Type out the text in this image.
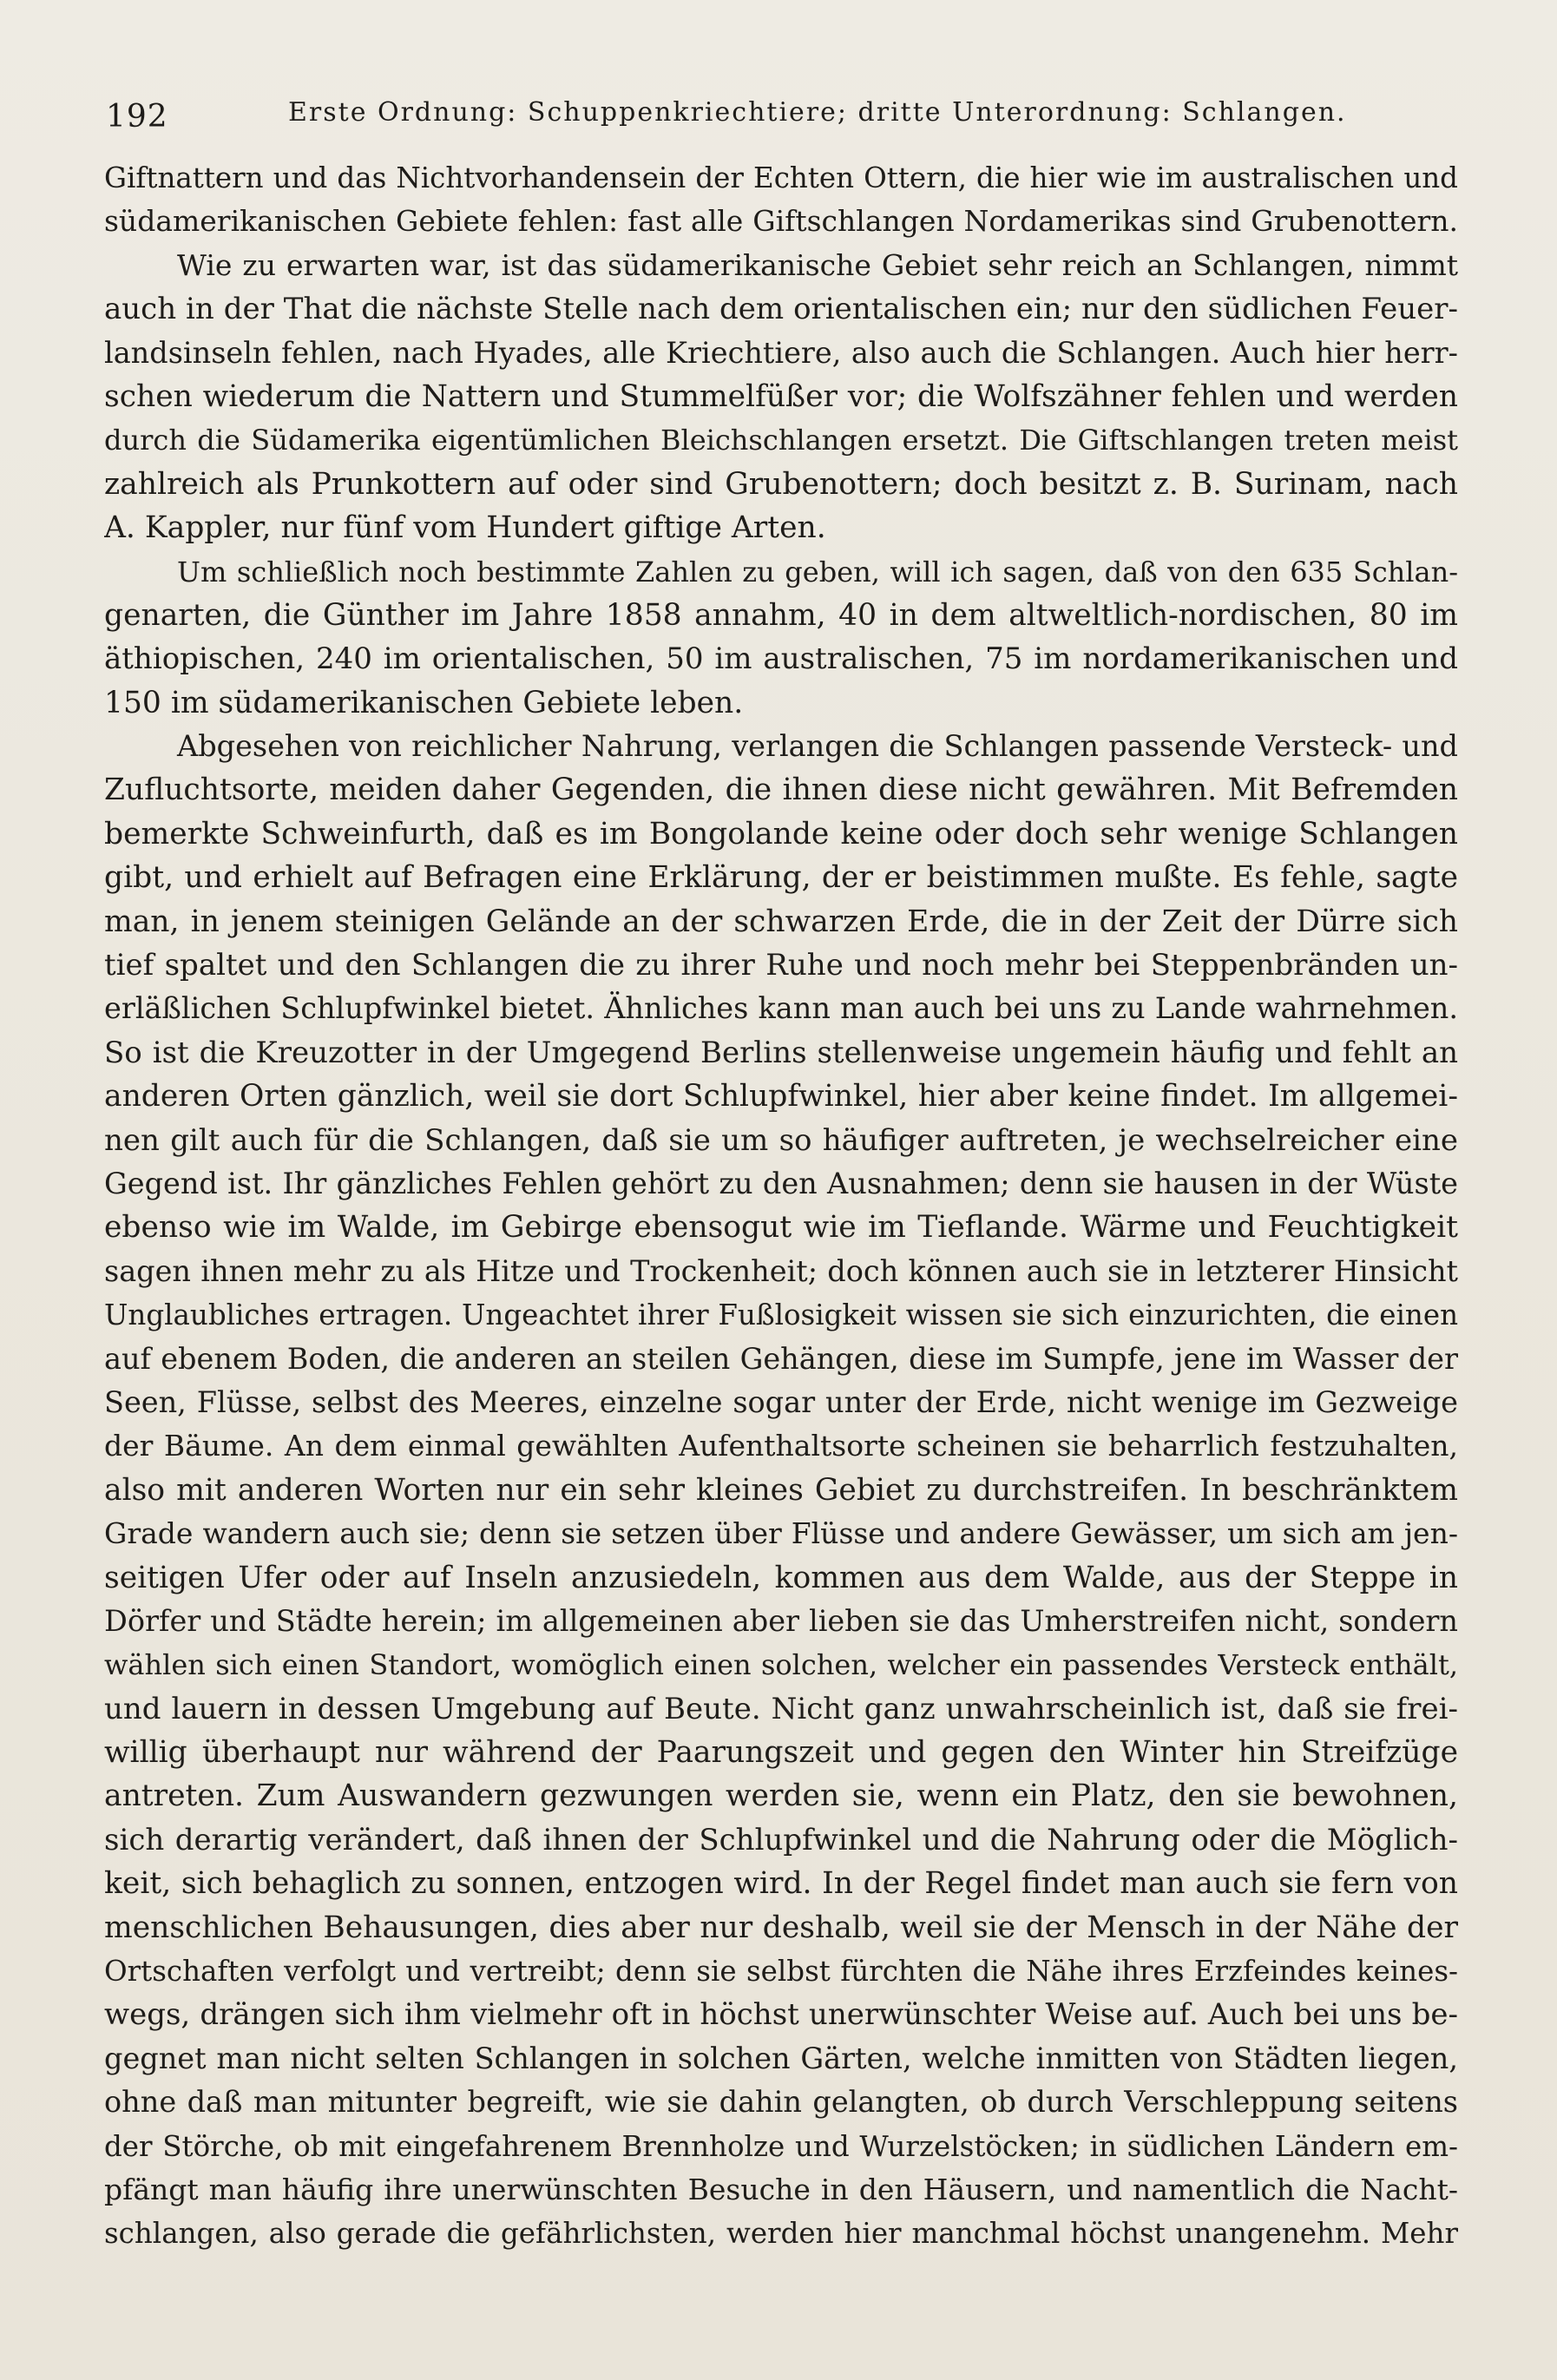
192	Erste Ordnung: Schuppenkriechtiere; dritte Unterordnung: Schlangen.
Giftnattern und das Nichtvorhandensein der Echten Ottern, die hier wie im australischen und
südamerikanischen Gebiete fehlen: fast alle Giftschlangen Nordamerikas sind Grubenottern.
Wie zu erwarten war, ist das südamerikanische Gebiet sehr reich an Schlangen, nimmt
auch in der That die nächste Stelle nach dem orientalischen ein; nur den südlichen Feuer-
landsinseln fehlen, nach Hyades, alle Kriechtiere, also auch die Schlangen. Auch hier herr-
schen wiederum die Nattern und Stummelfüßer vor; die Wolfszähner fehlen und werden
durch die Südamerika eigentümlichen Bleichschlangen ersetzt. Die Giftschlangen treten meist
zahlreich als Prunkottern auf oder sind Grubenottern; doch besitzt z. B. Surinam, nach
A. Kappler, nur fünf vom Hundert giftige Arten.
Um schließlich noch bestimmte Zahlen zu geben, will ich sagen, daß von den 635 Schlan-
genarten, die Günther im Jahre 1858 annahm, 40 in dem altweltlich-nordischen, 80 im
äthiopischen, 240 im orientalischen, 50 im australischen, 75 im nordamerikanischen und
150 im südamerikanischen Gebiete leben.
Abgesehen von reichlicher Nahrung, verlangen die Schlangen passende Versteck- und
Zufluchtsorte, meiden daher Gegenden, die ihnen diese nicht gewähren. Mit Befremden
bemerkte Schweinfurth, daß es im Bongolande keine oder doch sehr wenige Schlangen
gibt, und erhielt auf Befragen eine Erklärung, der er beistimmen mußte. Es fehle, sagte
man, in jenem steinigen Gelände an der schwarzen Erde, die in der Zeit der Dürre sich
tief spaltet und den Schlangen die zu ihrer Ruhe und noch mehr bei Steppenbränden un-
erläßlichen Schlupfwinkel bietet. Ähnliches kann man auch bei uns zu Lande wahrnehmen.
So ist die Kreuzotter in der Umgegend Berlins stellenweise ungemein häufig und fehlt an
anderen Orten gänzlich, weil sie dort Schlupfwinkel, hier aber keine findet. Im allgemei-
nen gilt auch für die Schlangen, daß sie um so häufiger auftreten, je wechselreicher eine
Gegend ist. Ihr gänzliches Fehlen gehört zu den Ausnahmen; denn sie hausen in der Wüste
ebenso wie im Walde, im Gebirge ebensogut wie im Tieflande. Wärme und Feuchtigkeit
sagen ihnen mehr zu als Hitze und Trockenheit; doch können auch sie in letzterer Hinsicht
Unglaubliches ertragen. Ungeachtet ihrer Fußlosigkeit wissen sie sich einzurichten, die einen
auf ebenem Boden, die anderen an steilen Gehängen, diese im Sumpfe, jene im Wasser der
Seen, Flüsse, selbst des Meeres, einzelne sogar unter der Erde, nicht wenige im Gezweige
der Bäume. An dem einmal gewählten Aufenthaltsorte scheinen sie beharrlich festzuhalten,
also mit anderen Worten nur ein sehr kleines Gebiet zu durchstreifen. In beschränktem
Grade wandern auch sie; denn sie setzen über Flüsse und andere Gewässer, um sich am jen-
seitigen Ufer oder auf Inseln anzusiedeln, kommen aus dem Walde, aus der Steppe in
Dörfer und Städte herein; im allgemeinen aber lieben sie das Umherstreifen nicht, sondern
wählen sich einen Standort, womöglich einen solchen, welcher ein passendes Versteck enthält,
und lauern in dessen Umgebung auf Beute. Nicht ganz unwahrscheinlich ist, daß sie frei-
willig überhaupt nur während der Paarungszeit und gegen den Winter hin Streifzüge
antreten. Zum Auswandern gezwungen werden sie, wenn ein Platz, den sie bewohnen,
sich derartig verändert, daß ihnen der Schlupfwinkel und die Nahrung oder die Möglich-
keit, sich behaglich zu sonnen, entzogen wird. In der Regel findet man auch sie fern von
menschlichen Behausungen, dies aber nur deshalb, weil sie der Mensch in der Nähe der
Ortschaften verfolgt und vertreibt; denn sie selbst fürchten die Nähe ihres Erzfeindes keines-
wegs, drängen sich ihm vielmehr oft in höchst unerwünschter Weise auf. Auch bei uns be-
gegnet man nicht selten Schlangen in solchen Gärten, welche inmitten von Städten liegen,
ohne daß man mitunter begreift, wie sie dahin gelangten, ob durch Verschleppung seitens
der Störche, ob mit eingefahrenem Brennholze und Wurzelstöcken; in südlichen Ländern em-
pfängt man häufig ihre unerwünschten Besuche in den Häusern, und namentlich die Nacht-
schlangen, also gerade die gefährlichsten, werden hier manchmal höchst unangenehm. Mehr
